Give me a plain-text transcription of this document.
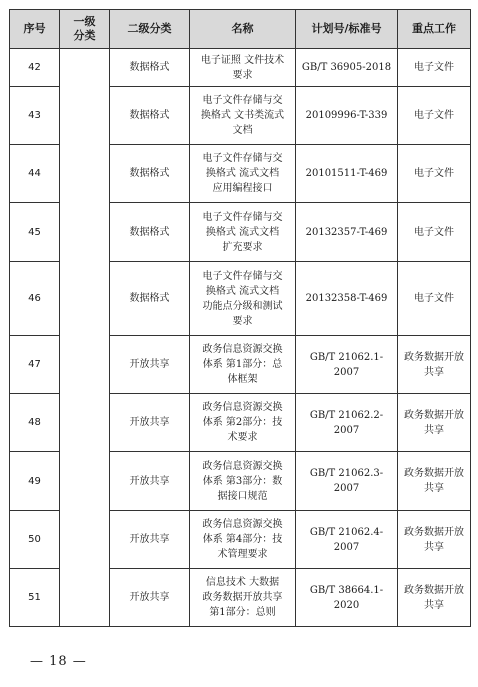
序号	一级
分类	二级分类	名称	计划号/标准号	重点工作
42		数据格式	电子证照 文件技术
要求	GB/T 36905-2018	电子文件
43		数据格式	电子文件存储与交
换格式 文书类流式
文档	20109996-T-339	电子文件
44		数据格式	电子文件存储与交
换格式 流式文档
应用编程接口	20101511-T-469	电子文件
45		数据格式	电子文件存储与交
换格式 流式文档
扩充要求	20132357-T-469	电子文件
46		数据格式	电子文件存储与交
换格式 流式文档
功能点分级和测试
要求	20132358-T-469	电子文件
47		开放共享	政务信息资源交换
体系 第1部分：总
体框架	GB/T 21062.1-2007	政务数据开放
共享
48		开放共享	政务信息资源交换
体系 第2部分：技
术要求	GB/T 21062.2-2007	政务数据开放
共享
49		开放共享	政务信息资源交换
体系 第3部分：数
据接口规范	GB/T 21062.3-2007	政务数据开放
共享
50		开放共享	政务信息资源交换
体系 第4部分：技
术管理要求	GB/T 21062.4-2007	政务数据开放
共享
51		开放共享	信息技术 大数据
政务数据开放共享
第1部分：总则	GB/T 38664.1-2020	政务数据开放
共享
— 18 —
